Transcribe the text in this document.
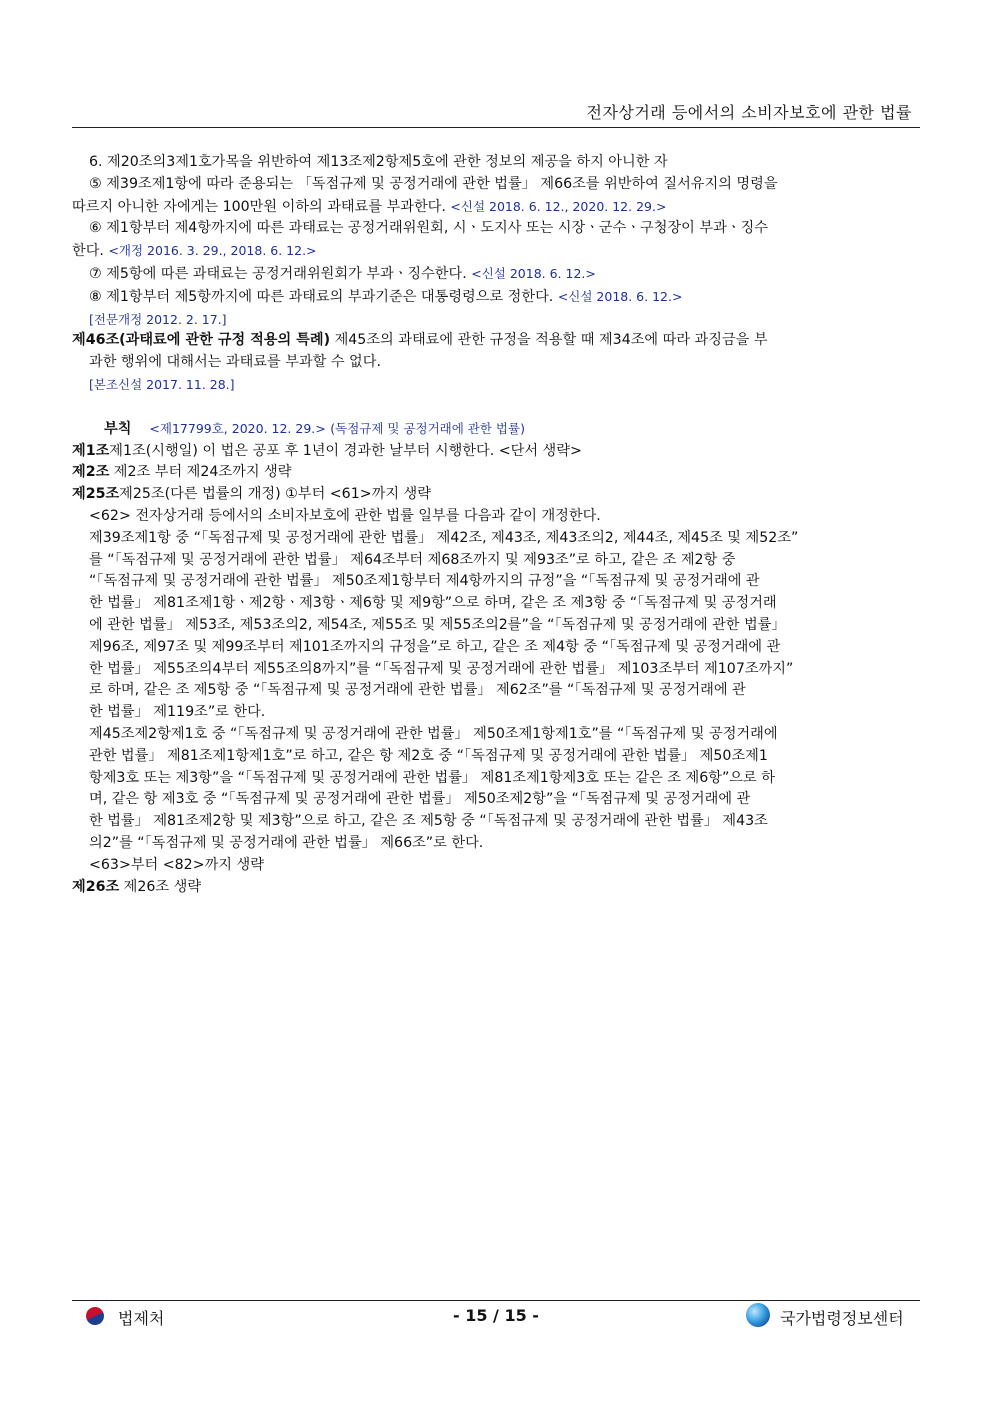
전자상거래 등에서의 소비자보호에 관한 법률
6. 제20조의3제1호가목을 위반하여 제13조제2항제5호에 관한 정보의 제공을 하지 아니한 자
⑤ 제39조제1항에 따라 준용되는 「독점규제 및 공정거래에 관한 법률」 제66조를 위반하여 질서유지의 명령을
따르지 아니한 자에게는 100만원 이하의 과태료를 부과한다. <신설 2018. 6. 12., 2020. 12. 29.>
⑥ 제1항부터 제4항까지에 따른 과태료는 공정거래위원회, 시ㆍ도지사 또는 시장ㆍ군수ㆍ구청장이 부과ㆍ징수
한다. <개정 2016. 3. 29., 2018. 6. 12.>
⑦ 제5항에 따른 과태료는 공정거래위원회가 부과ㆍ징수한다. <신설 2018. 6. 12.>
⑧ 제1항부터 제5항까지에 따른 과태료의 부과기준은 대통령령으로 정한다. <신설 2018. 6. 12.>
[전문개정 2012. 2. 17.]
제46조(과태료에 관한 규정 적용의 특례) 제45조의 과태료에 관한 규정을 적용할 때 제34조에 따라 과징금을 부
과한 행위에 대해서는 과태료를 부과할 수 없다.
[본조신설 2017. 11. 28.]
부칙 <제17799호, 2020. 12. 29.> (독점규제 및 공정거래에 관한 법률)
제1조제1조(시행일) 이 법은 공포 후 1년이 경과한 날부터 시행한다. <단서 생략>
제2조 제2조 부터 제24조까지 생략
제25조제25조(다른 법률의 개정) ①부터 <61>까지 생략
<62> 전자상거래 등에서의 소비자보호에 관한 법률 일부를 다음과 같이 개정한다.
제39조제1항 중 “「독점규제 및 공정거래에 관한 법률」 제42조, 제43조, 제43조의2, 제44조, 제45조 및 제52조”
를 “「독점규제 및 공정거래에 관한 법률」 제64조부터 제68조까지 및 제93조”로 하고, 같은 조 제2항 중
“「독점규제 및 공정거래에 관한 법률」 제50조제1항부터 제4항까지의 규정”을 “「독점규제 및 공정거래에 관
한 법률」 제81조제1항ㆍ제2항ㆍ제3항ㆍ제6항 및 제9항”으로 하며, 같은 조 제3항 중 “「독점규제 및 공정거래
에 관한 법률」 제53조, 제53조의2, 제54조, 제55조 및 제55조의2를”을 “「독점규제 및 공정거래에 관한 법률」
제96조, 제97조 및 제99조부터 제101조까지의 규정을”로 하고, 같은 조 제4항 중 “「독점규제 및 공정거래에 관
한 법률」 제55조의4부터 제55조의8까지”를 “「독점규제 및 공정거래에 관한 법률」 제103조부터 제107조까지”
로 하며, 같은 조 제5항 중 “「독점규제 및 공정거래에 관한 법률」 제62조”를 “「독점규제 및 공정거래에 관
한 법률」 제119조”로 한다.
제45조제2항제1호 중 “「독점규제 및 공정거래에 관한 법률」 제50조제1항제1호”를 “「독점규제 및 공정거래에
관한 법률」 제81조제1항제1호”로 하고, 같은 항 제2호 중 “「독점규제 및 공정거래에 관한 법률」 제50조제1
항제3호 또는 제3항”을 “「독점규제 및 공정거래에 관한 법률」 제81조제1항제3호 또는 같은 조 제6항”으로 하
며, 같은 항 제3호 중 “「독점규제 및 공정거래에 관한 법률」 제50조제2항”을 “「독점규제 및 공정거래에 관
한 법률」 제81조제2항 및 제3항”으로 하고, 같은 조 제5항 중 “「독점규제 및 공정거래에 관한 법률」 제43조
의2”를 “「독점규제 및 공정거래에 관한 법률」 제66조”로 한다.
<63>부터 <82>까지 생략
제26조 제26조 생략
법제처	- 15 / 15 -	국가법령정보센터
